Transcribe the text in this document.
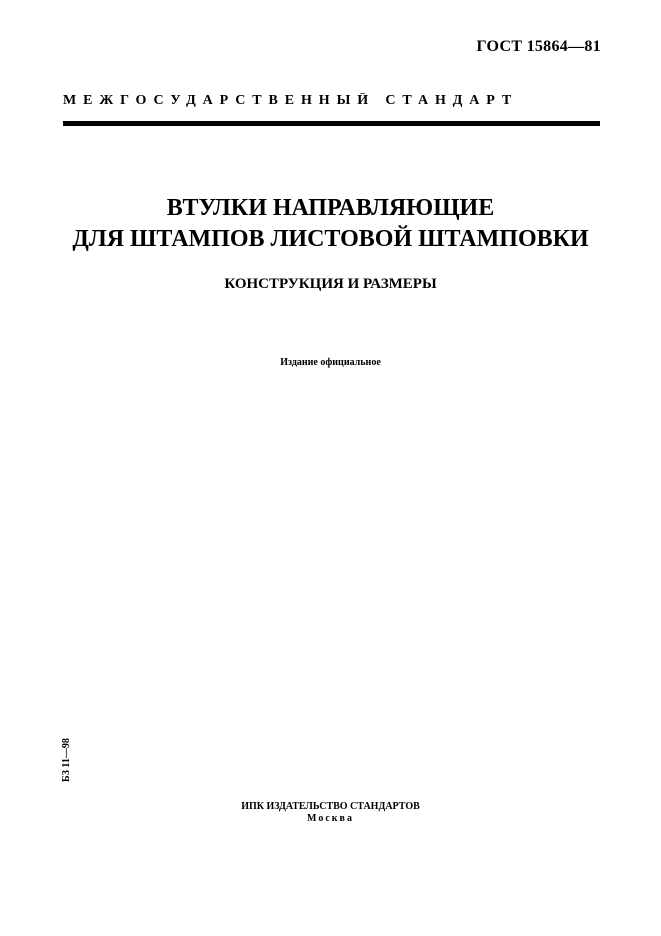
ГОСТ 15864—81
МЕЖГОСУДАРСТВЕННЫЙ СТАНДАРТ
ВТУЛКИ НАПРАВЛЯЮЩИЕ
ДЛЯ ШТАМПОВ ЛИСТОВОЙ ШТАМПОВКИ
КОНСТРУКЦИЯ И РАЗМЕРЫ
Издание официальное
БЗ 11—98
ИПК ИЗДАТЕЛЬСТВО СТАНДАРТОВ
Москва
